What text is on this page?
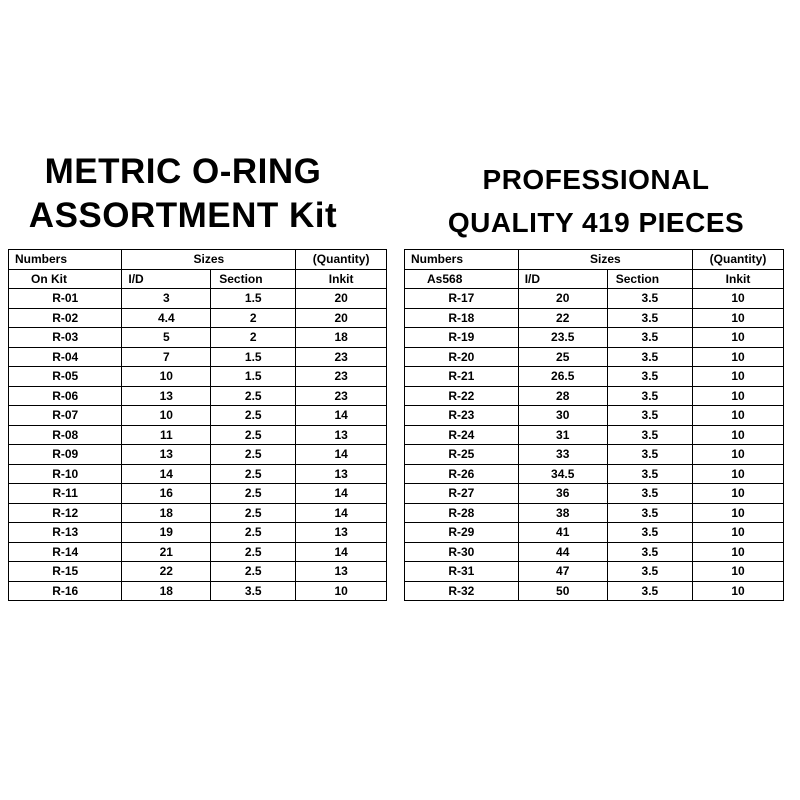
METRIC O-RING
ASSORTMENT Kit
PROFESSIONAL
QUALITY 419 PIECES
Numbers	Sizes		(Quantity)
On Kit	I/D	Section	Inkit
R-01	3	1.5	20
R-02	4.4	2	20
R-03	5	2	18
R-04	7	1.5	23
R-05	10	1.5	23
R-06	13	2.5	23
R-07	10	2.5	14
R-08	11	2.5	13
R-09	13	2.5	14
R-10	14	2.5	13
R-11	16	2.5	14
R-12	18	2.5	14
R-13	19	2.5	13
R-14	21	2.5	14
R-15	22	2.5	13
R-16	18	3.5	10
Numbers	Sizes		(Quantity)
As568	I/D	Section	Inkit
R-17	20	3.5	10
R-18	22	3.5	10
R-19	23.5	3.5	10
R-20	25	3.5	10
R-21	26.5	3.5	10
R-22	28	3.5	10
R-23	30	3.5	10
R-24	31	3.5	10
R-25	33	3.5	10
R-26	34.5	3.5	10
R-27	36	3.5	10
R-28	38	3.5	10
R-29	41	3.5	10
R-30	44	3.5	10
R-31	47	3.5	10
R-32	50	3.5	10
